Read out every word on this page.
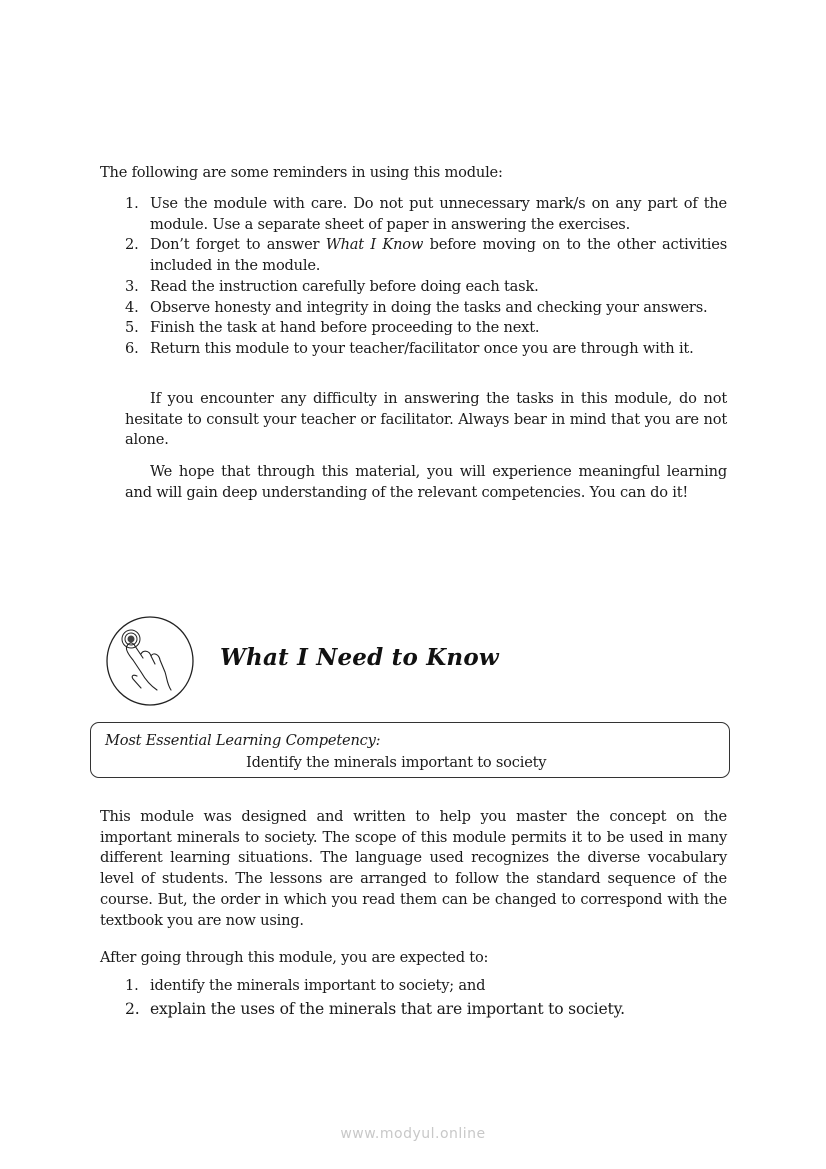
The following are some reminders in using this module:
1. Use the module with care. Do not put unnecessary mark/s on any part of the module. Use a separate sheet of paper in answering the exercises.
2. Don’t forget to answer What I Know before moving on to the other activities included in the module.
3. Read the instruction carefully before doing each task.
4. Observe honesty and integrity in doing the tasks and checking your answers.
5. Finish the task at hand before proceeding to the next.
6. Return this module to your teacher/facilitator once you are through with it.
If you encounter any difficulty in answering the tasks in this module, do not hesitate to consult your teacher or facilitator. Always bear in mind that you are not alone.
We hope that through this material, you will experience meaningful learning and will gain deep understanding of the relevant competencies. You can do it!
What I Need to Know
Most Essential Learning Competency:
Identify the minerals important to society
This module was designed and written to help you master the concept on the important minerals to society. The scope of this module permits it to be used in many different learning situations. The language used recognizes the diverse vocabulary level of students. The lessons are arranged to follow the standard sequence of the course. But, the order in which you read them can be changed to correspond with the textbook you are now using.
After going through this module, you are expected to:
1. identify the minerals important to society; and
2. explain the uses of the minerals that are important to society.
www.modyul.online
